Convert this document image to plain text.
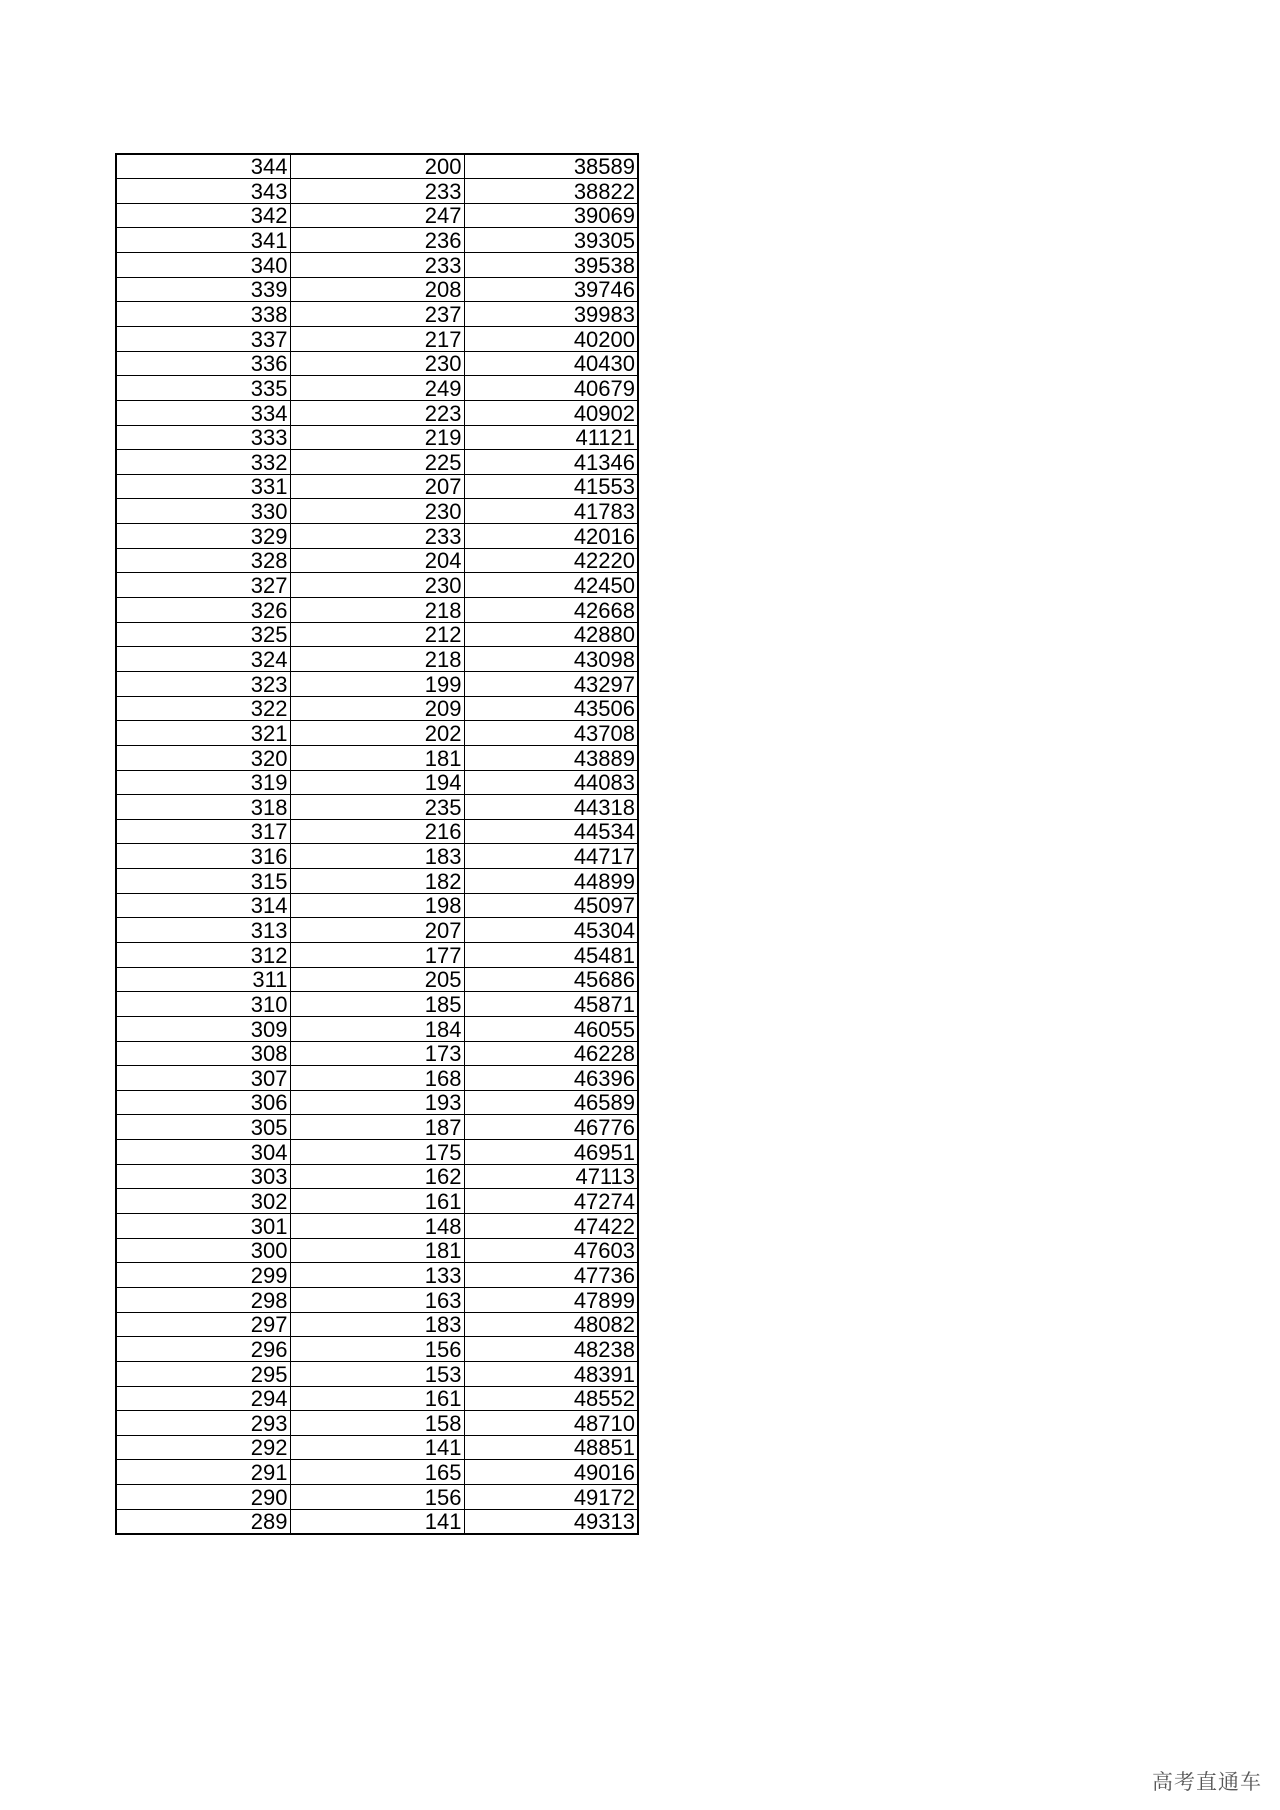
344	200	38589
343	233	38822
342	247	39069
341	236	39305
340	233	39538
339	208	39746
338	237	39983
337	217	40200
336	230	40430
335	249	40679
334	223	40902
333	219	41121
332	225	41346
331	207	41553
330	230	41783
329	233	42016
328	204	42220
327	230	42450
326	218	42668
325	212	42880
324	218	43098
323	199	43297
322	209	43506
321	202	43708
320	181	43889
319	194	44083
318	235	44318
317	216	44534
316	183	44717
315	182	44899
314	198	45097
313	207	45304
312	177	45481
311	205	45686
310	185	45871
309	184	46055
308	173	46228
307	168	46396
306	193	46589
305	187	46776
304	175	46951
303	162	47113
302	161	47274
301	148	47422
300	181	47603
299	133	47736
298	163	47899
297	183	48082
296	156	48238
295	153	48391
294	161	48552
293	158	48710
292	141	48851
291	165	49016
290	156	49172
289	141	49313
高考直通车
